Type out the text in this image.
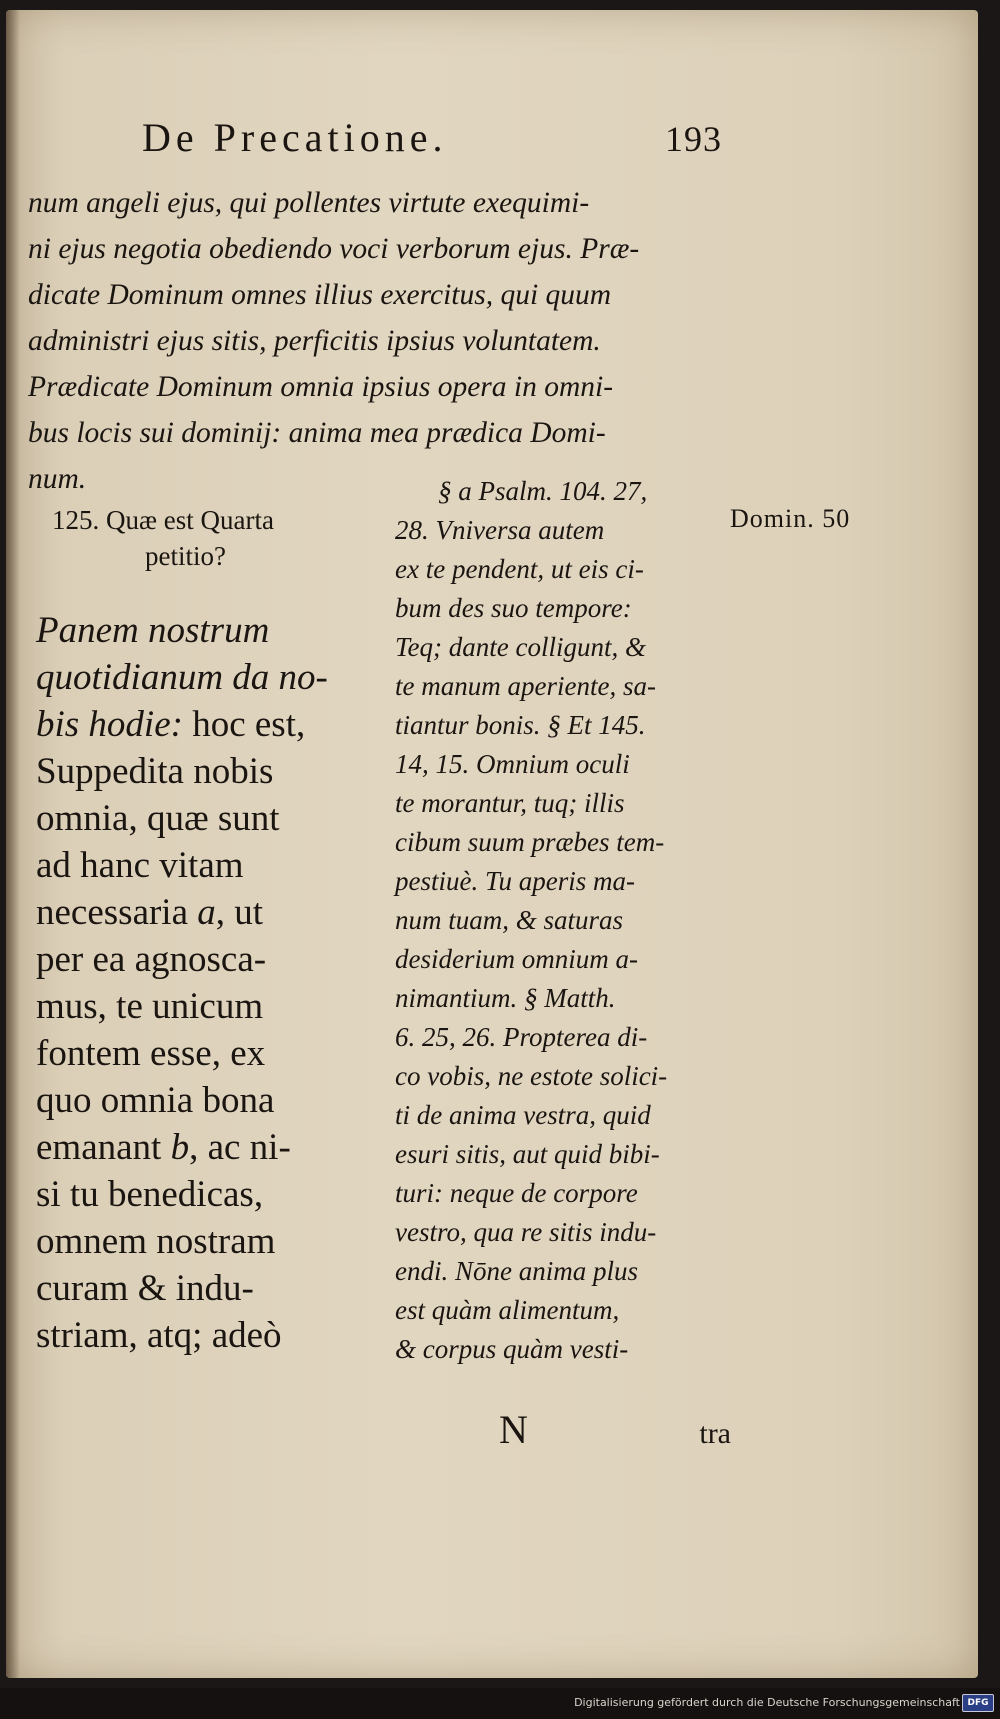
De Precatione.	193
num angeli ejus, qui pollentes virtute exequimi-
ni ejus negotia obediendo voci verborum ejus. Præ-
dicate Dominum omnes illius exercitus, qui quum
administri ejus sitis, perficitis ipsius voluntatem.
Prædicate Dominum omnia ipsius opera in omni-
bus locis sui dominij: anima mea prædica Domi-
num.
125. Quæ est Quarta
petitio?
Panem nostrum
quotidianum da no-
bis hodie: hoc est,
Suppedita nobis
omnia, quæ sunt
ad hanc vitam
necessaria a, ut
per ea agnosca-
mus, te unicum
fontem esse, ex
quo omnia bona
emanant b, ac ni-
si tu benedicas,
omnem nostram
curam & indu-
striam, atq; adeò
§ a Psalm. 104. 27,
28. Vniversa autem
ex te pendent, ut eis ci-
bum des suo tempore:
Teq; dante colligunt, &
te manum aperiente, sa-
tiantur bonis. § Et 145.
14, 15. Omnium oculi
te morantur, tuq; illis
cibum suum præbes tem-
pestiuè. Tu aperis ma-
num tuam, & saturas
desiderium omnium a-
nimantium. § Matth.
6. 25, 26. Propterea di-
co vobis, ne estote solici-
ti de anima vestra, quid
esuri sitis, aut quid bibi-
turi: neque de corpore
vestro, qua re sitis indu-
endi. Nōne anima plus
est quàm alimentum,
& corpus quàm vesti-
Domin. 50
N	tra
Digitalisierung gefördert durch die Deutsche Forschungsgemeinschaft DFG
